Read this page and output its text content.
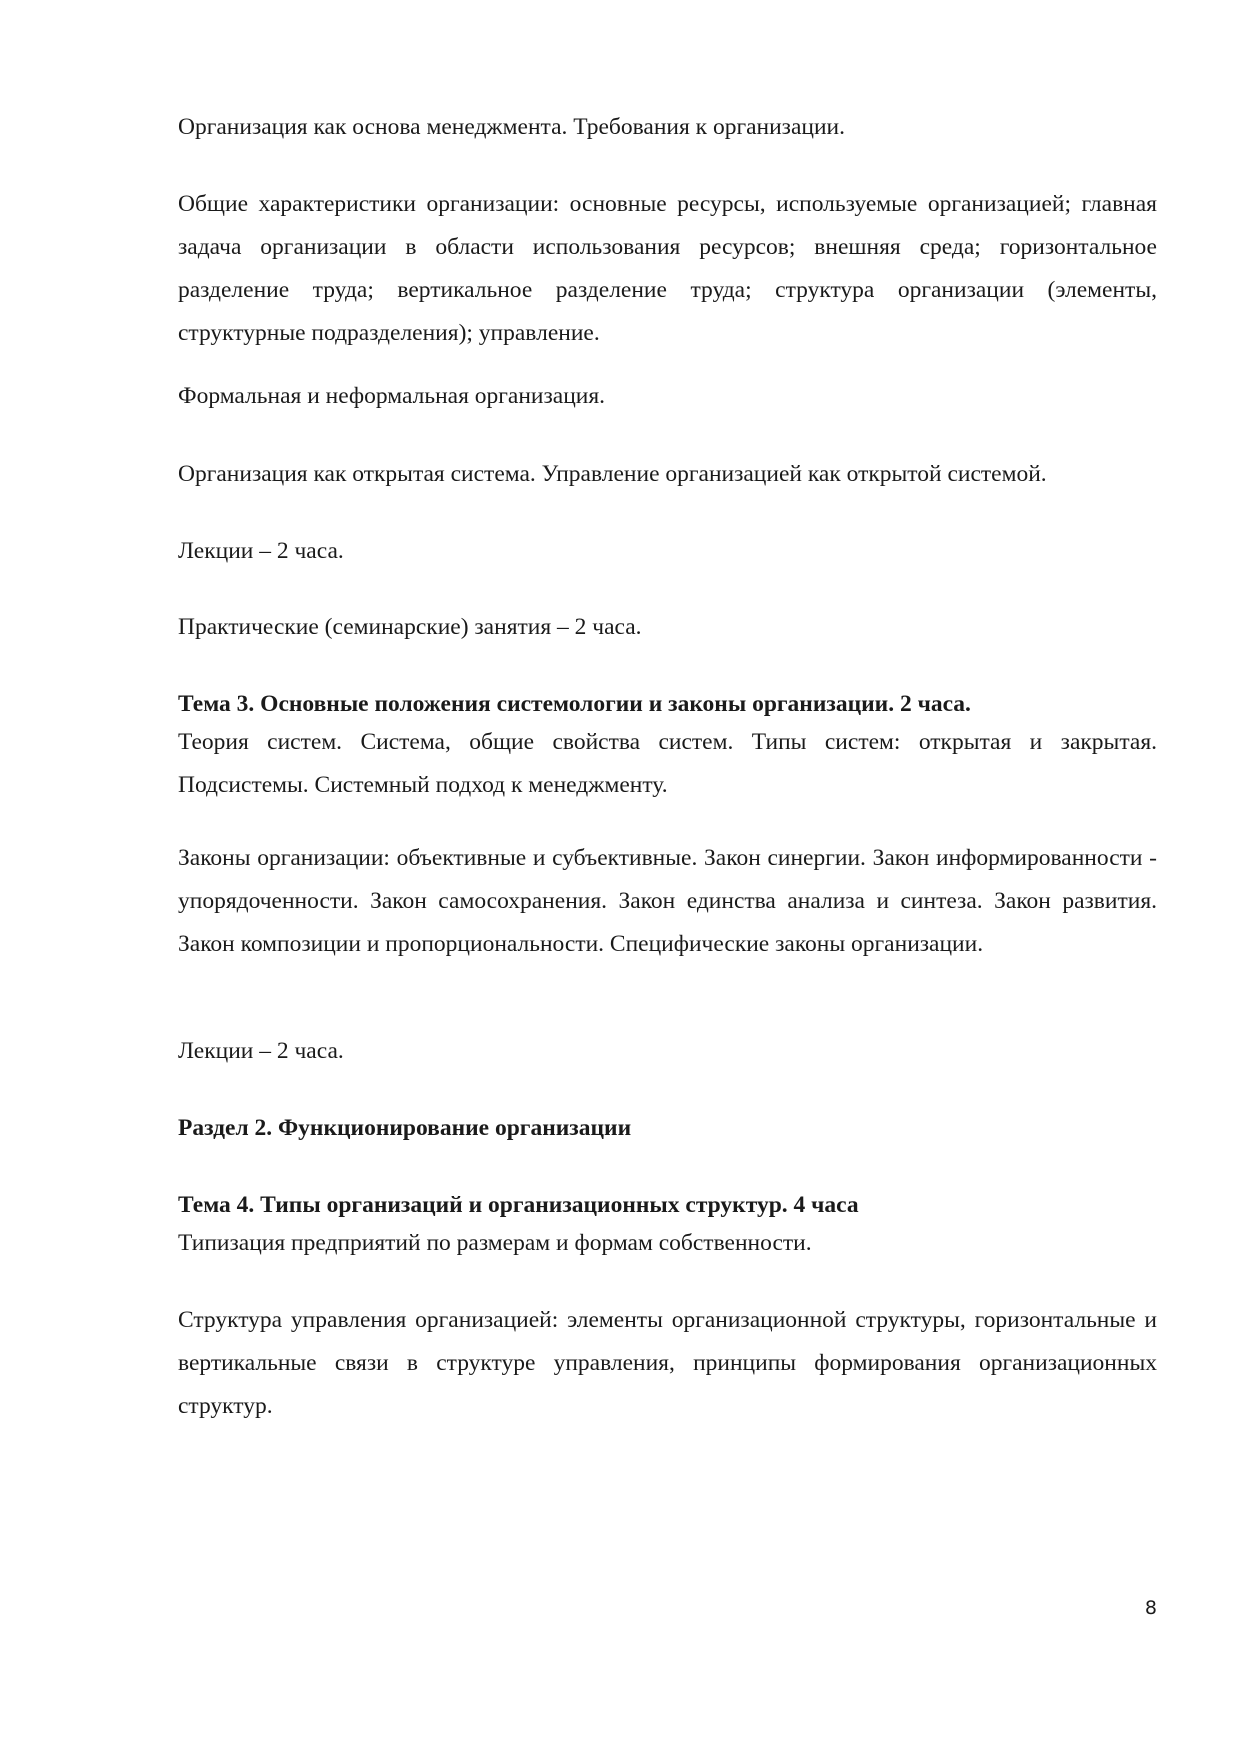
Организация как основа менеджмента. Требования к организации.

Общие характеристики организации: основные ресурсы, используемые организацией; главная задача организации в области использования ресурсов; внешняя среда; горизонтальное разделение труда; вертикальное разделение труда; структура организации (элементы, структурные подразделения); управление.

Формальная и неформальная организация.

Организация как открытая система. Управление организацией как открытой системой.

Лекции – 2 часа.

Практические (семинарские) занятия – 2 часа.

Тема 3. Основные положения системологии и законы организации. 2 часа.

Теория систем. Система, общие свойства систем. Типы систем: открытая и закрытая. Подсистемы. Системный подход к менеджменту.

Законы организации: объективные и субъективные. Закон синергии. Закон информированности - упорядоченности. Закон самосохранения. Закон единства анализа и синтеза. Закон развития. Закон композиции и пропорциональности. Специфические законы организации.

Лекции – 2 часа.

Раздел 2. Функционирование организации

Тема 4. Типы организаций и организационных структур. 4 часа

Типизация предприятий по размерам и формам собственности.

Структура управления организацией: элементы организационной структуры, горизонтальные и вертикальные связи в структуре управления, принципы формирования организационных структур.

8
